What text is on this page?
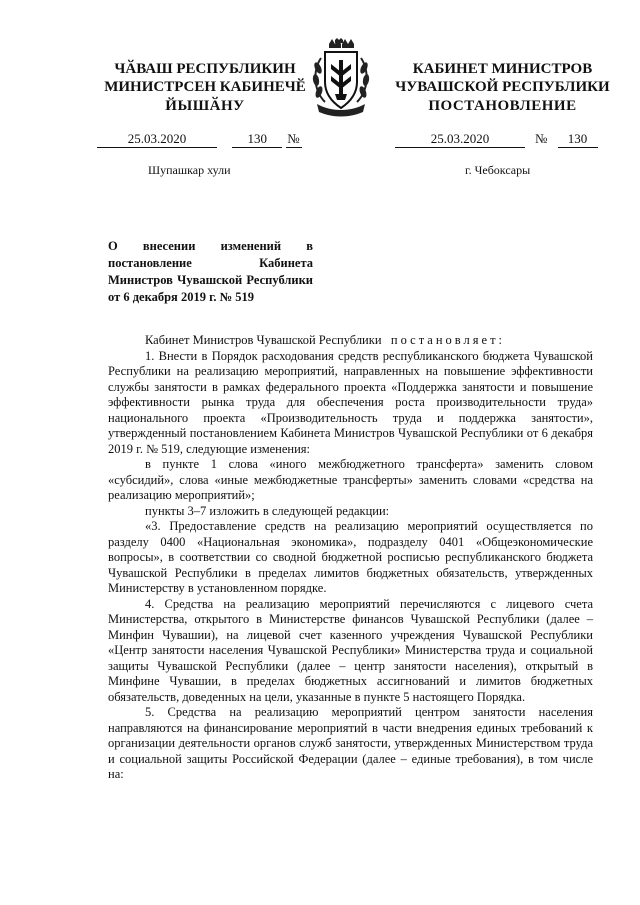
ЧӐВАШ РЕСПУБЛИКИН
МИНИСТРСЕН КАБИНЕЧӖ
ЙЫШӐНУ
КАБИНЕТ МИНИСТРОВ
ЧУВАШСКОЙ РЕСПУБЛИКИ
ПОСТАНОВЛЕНИЕ
25.03.2020	130 №	25.03.2020	№ 130
Шупашкар хули	г. Чебоксары
О внесении изменений в постановление Кабинета Министров Чувашской Республики от 6 декабря 2019 г. № 519

Кабинет Министров Чувашской Республики постановляет:

1. Внести в Порядок расходования средств республиканского бюджета Чувашской Республики на реализацию мероприятий, направленных на повышение эффективности службы занятости в рамках федерального проекта «Поддержка занятости и повышение эффективности рынка труда для обеспечения роста производительности труда» национального проекта «Производительность труда и поддержка занятости», утвержденный постановлением Кабинета Министров Чувашской Республики от 6 декабря 2019 г. № 519, следующие изменения:

в пункте 1 слова «иного межбюджетного трансферта» заменить словом «субсидий», слова «иные межбюджетные трансферты» заменить словами «средства на реализацию мероприятий»;

пункты 3–7 изложить в следующей редакции:

«3. Предоставление средств на реализацию мероприятий осуществляется по разделу 0400 «Национальная экономика», подразделу 0401 «Общеэкономические вопросы», в соответствии со сводной бюджетной росписью республиканского бюджета Чувашской Республики в пределах лимитов бюджетных обязательств, утвержденных Министерству в установленном порядке.

4. Средства на реализацию мероприятий перечисляются с лицевого счета Министерства, открытого в Министерстве финансов Чувашской Республики (далее – Минфин Чувашии), на лицевой счет казенного учреждения Чувашской Республики «Центр занятости населения Чувашской Республики» Министерства труда и социальной защиты Чувашской Республики (далее – центр занятости населения), открытый в Минфине Чувашии, в пределах бюджетных ассигнований и лимитов бюджетных обязательств, доведенных на цели, указанные в пункте 5 настоящего Порядка.

5. Средства на реализацию мероприятий центром занятости населения направляются на финансирование мероприятий в части внедрения единых требований к организации деятельности органов служб занятости, утвержденных Министерством труда и социальной защиты Российской Федерации (далее – единые требования), в том числе на:
